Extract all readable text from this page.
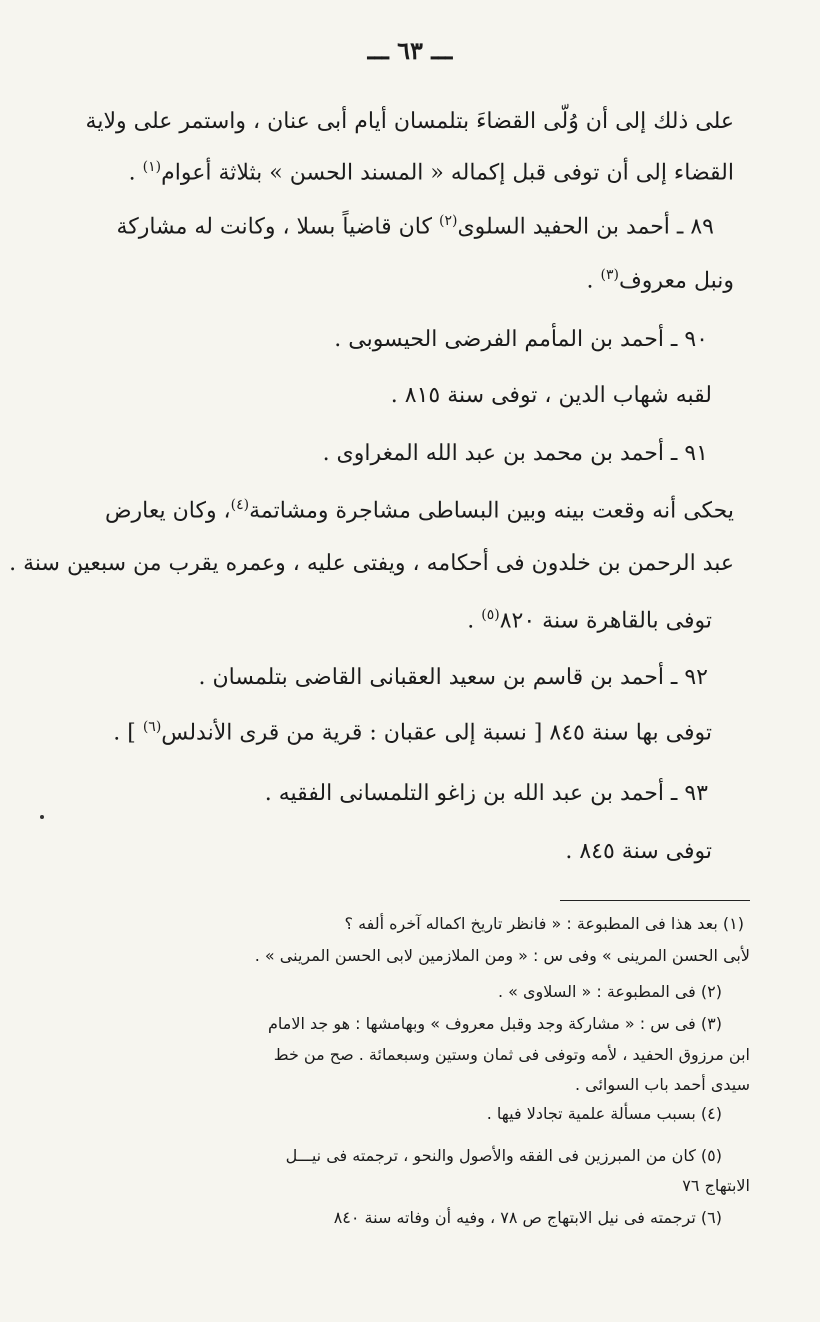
ـــ ٦٣ ـــ
على ذلك إلى أن وُلّى القضاءَ بتلمسان أيام أبى عنان ، واستمر على ولاية
القضاء إلى أن توفى قبل إكماله « المسند الحسن » بثلاثة أعوام$^{(١)}$ .
٨٩ ـ أحمد بن الحفيد السلوى$^{(٢)}$ كان قاضياً بسلا ، وكانت له مشاركة
ونبل معروف$^{(٣)}$ .
٩٠ ـ أحمد بن المأمم الفرضى الحيسوبى .
لقبه شهاب الدين ، توفى سنة ٨١٥ .
٩١ ـ أحمد بن محمد بن عبد الله المغراوى .
يحكى أنه وقعت بينه وبين البساطى مشاجرة ومشاتمة$^{(٤)}$، وكان يعارض
عبد الرحمن بن خلدون فى أحكامه ، ويفتى عليه ، وعمره يقرب من سبعين سنة .
توفى بالقاهرة سنة ٨٢٠$^{(٥)}$ .
٩٢ ـ أحمد بن قاسم بن سعيد العقبانى القاضى بتلمسان .
توفى بها سنة ٨٤٥ [ نسبة إلى عقبان : قرية من قرى الأندلس$^{(٦)}$ ] .
٩٣ ـ أحمد بن عبد الله بن زاغو التلمسانى الفقيه .
توفى سنة ٨٤٥ .
(١) بعد هذا فى المطبوعة : « فانظر تاريخ اكماله آخره ألفه ؟
لأبى الحسن المرينى » وفى س : « ومن الملازمين لابى الحسن المرينى » .
(٢) فى المطبوعة : « السلاوى » .
(٣) فى س : « مشاركة وجد وقبل معروف » وبهامشها : هو جد الامام
ابن مرزوق الحفيد ، لأمه وتوفى فى ثمان وستين وسبعمائة . صح من خط
سيدى أحمد باب السوائى .
(٤) بسبب مسألة علمية تجادلا فيها .
(٥) كان من المبرزين فى الفقه والأصول والنحو ، ترجمته فى نيـــل
الابتهاج ٧٦
(٦) ترجمته فى نيل الابتهاج ص ٧٨ ، وفيه أن وفاته سنة ٨٤٠
